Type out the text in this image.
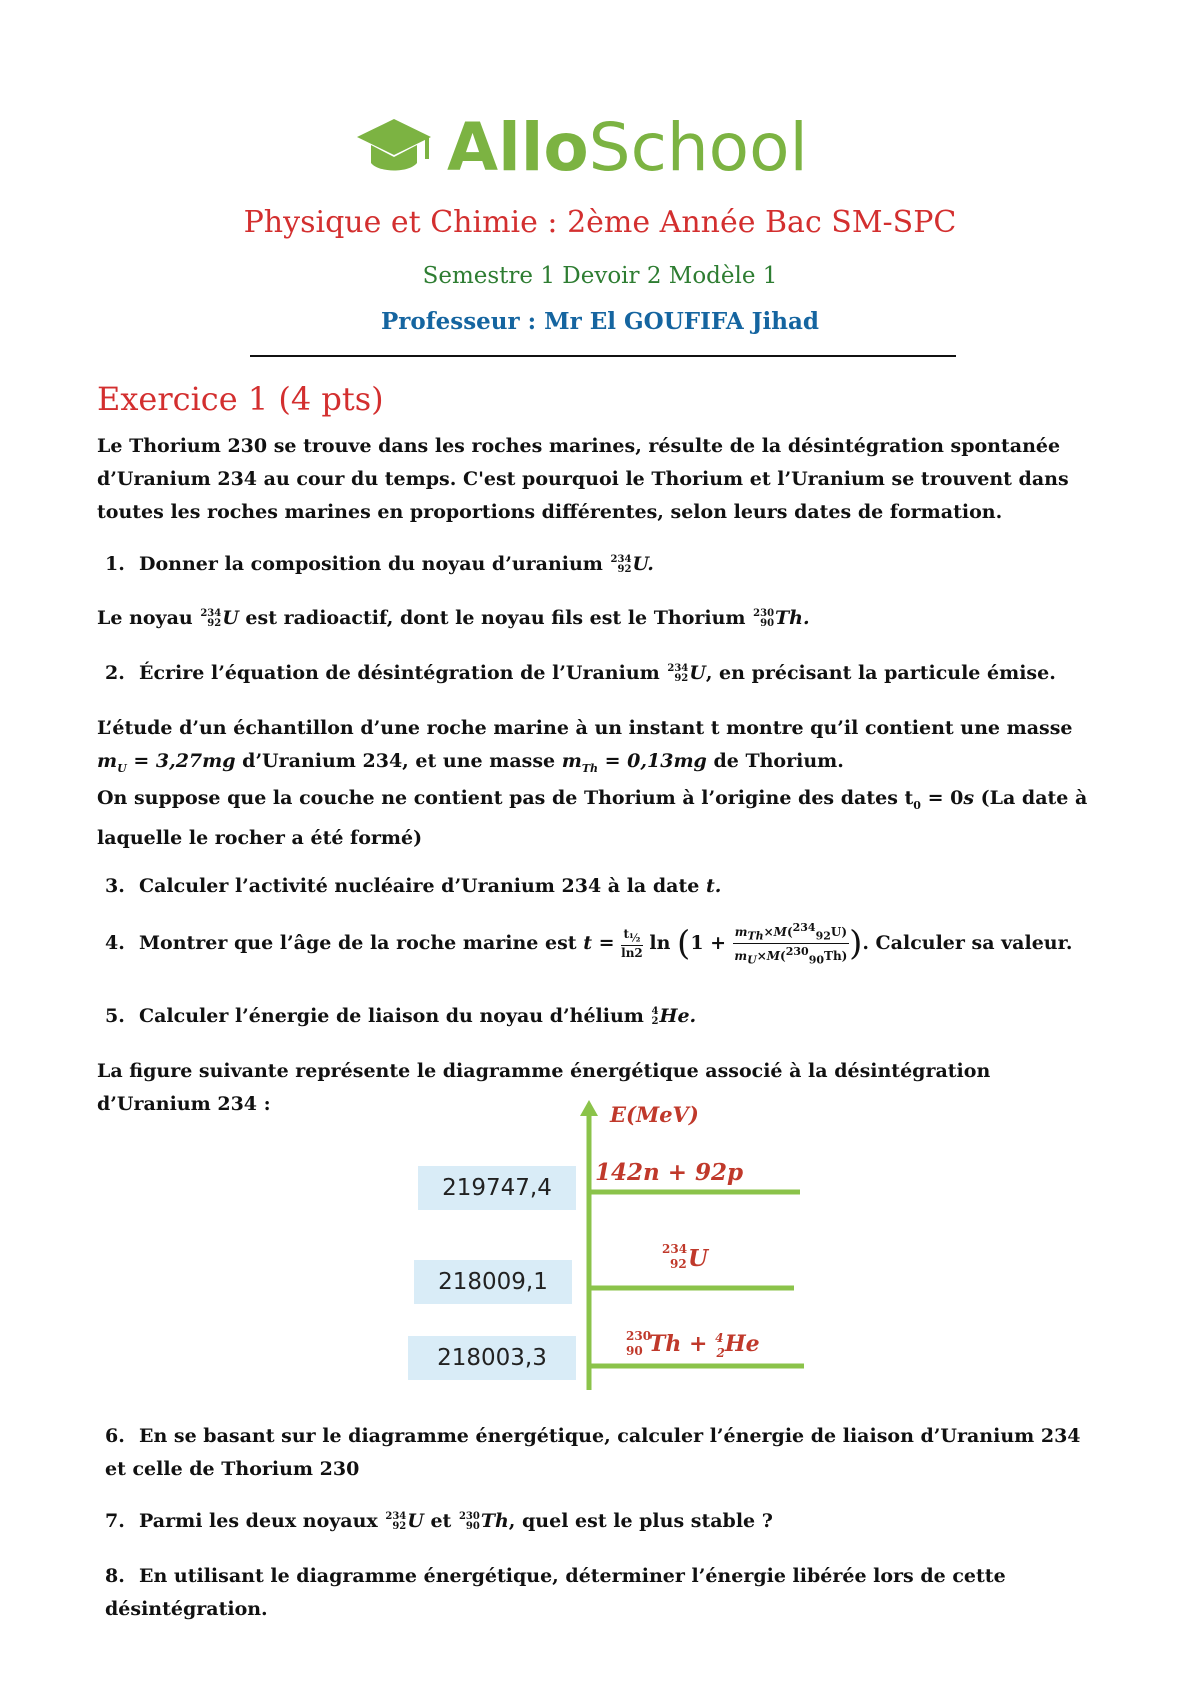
AlloSchool
Physique et Chimie : 2ème Année Bac SM-SPC
Semestre 1 Devoir 2 Modèle 1
Professeur : Mr El GOUFIFA Jihad
Exercice 1 (4 pts)
Le Thorium 230 se trouve dans les roches marines, résulte de la désintégration spontanée d’Uranium 234 au cour du temps. C'est pourquoi le Thorium et l’Uranium se trouvent dans toutes les roches marines en proportions différentes, selon leurs dates de formation.
1. Donner la composition du noyau d’uranium 234
92 U.
Le noyau 234
92 U est radioactif, dont le noyau fils est le Thorium 230
90 Th.
2. Écrire l’équation de désintégration de l’Uranium 234
92 U, en précisant la particule émise.
L’étude d’un échantillon d’une roche marine à un instant t montre qu’il contient une masse $m_U = 3,27mg$ d’Uranium 234, et une masse $m_{Th} = 0,13mg$ de Thorium.
On suppose que la couche ne contient pas de Thorium à l’origine des dates $t_0 = 0s$ (La date à laquelle le rocher a été formé)
3. Calculer l’activité nucléaire d’Uranium 234 à la date t.
4. Montrer que l’âge de la roche marine est $t = \frac{t_{\frac{1}{2}}}{\ln 2}$ $\ln (1 + \frac{m_{Th}\times M(^{234}_{92}U)}{m_U\times M(^{230}_{90}Th)}$ ). Calculer sa valeur.
5. Calculer l’énergie de liaison du noyau d’hélium 4
2 He.
La figure suivante représente le diagramme énergétique associé à la désintégration d’Uranium 234 :	E(MeV)
142n + 92p
234
92 U
230
90 Th + $^4$ 2He
219747,4
218009,1
218003,3
6. En se basant sur le diagramme énergétique, calculer l’énergie de liaison d’Uranium 234 et celle de Thorium 230
7. Parmi les deux noyaux 234
92 U et 230
90 Th, quel est le plus stable ?
8. En utilisant le diagramme énergétique, déterminer l’énergie libérée lors de cette désintégration.
